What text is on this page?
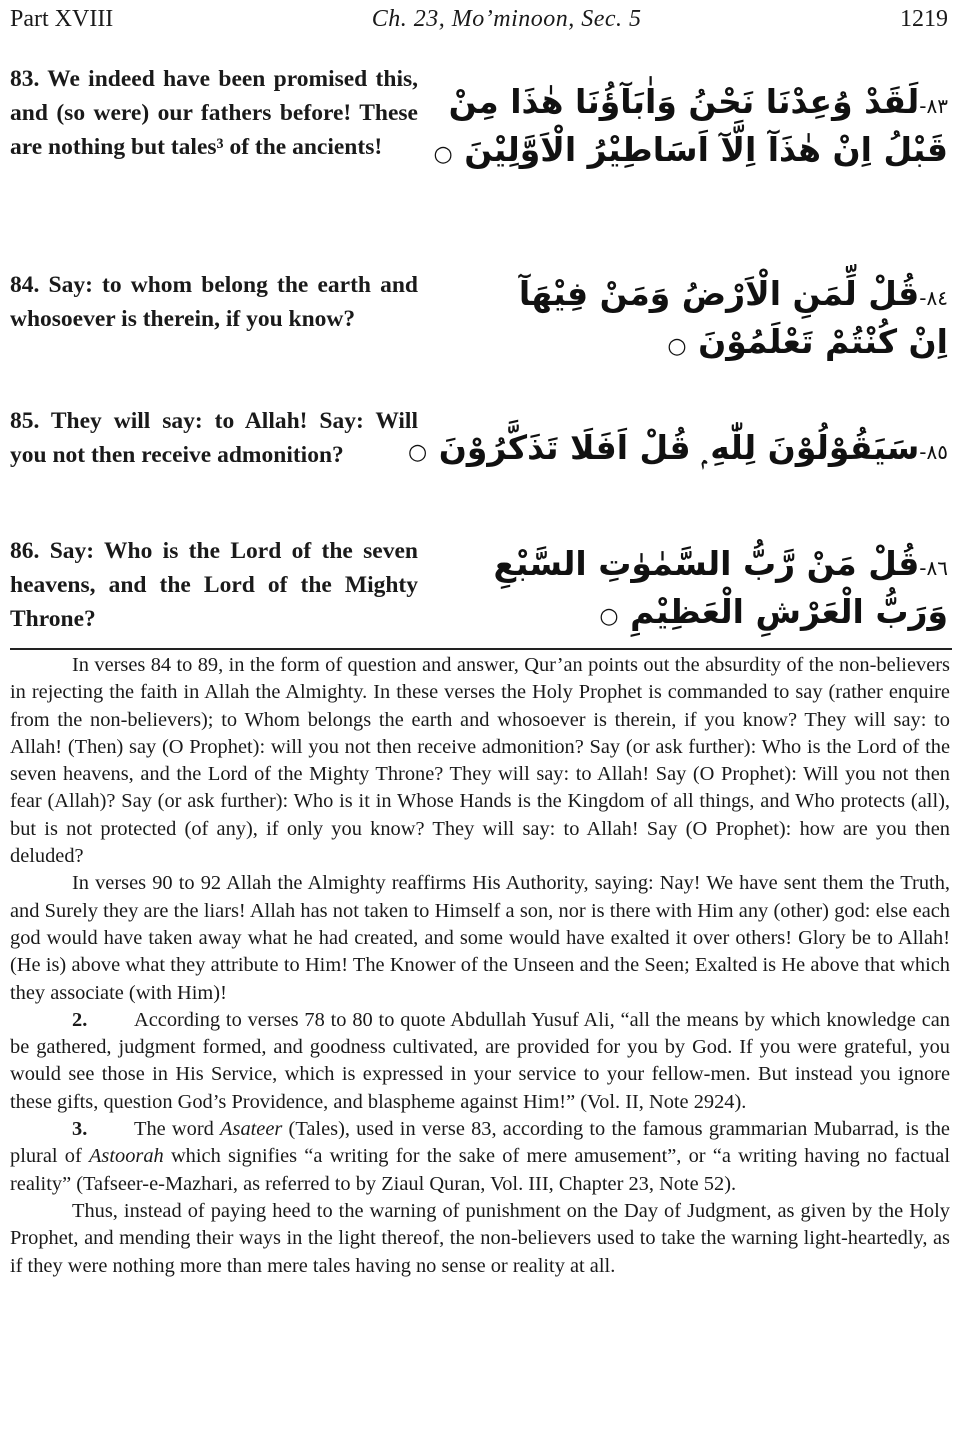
Part XVIII	Ch. 23, Mo’minoon, Sec. 5	1219
83. We indeed have been promised this, and (so were) our fathers before! These are nothing but tales³ of the ancients!
٨٣-لَقَدْ وُعِدْنَا نَحْنُ وَاٰبَآؤُنَا هٰذَا مِنْ
قَبْلُ اِنْ هٰذَآ اِلَّآ اَسَاطِيْرُ الْاَوَّلِيْنَ ○
84. Say: to whom belong the earth and whosoever is therein, if you know?
٨٤-قُلْ لِّمَنِ الْاَرْضُ وَمَنْ فِيْهَآ
اِنْ كُنْتُمْ تَعْلَمُوْنَ ○
85. They will say: to Allah! Say: Will you not then receive admonition?	٨٥-سَيَقُوْلُوْنَ لِلّٰهِ ۭ قُلْ اَفَلَا تَذَكَّرُوْنَ ○
86. Say: Who is the Lord of the seven heavens, and the Lord of the Mighty Throne?
٨٦-قُلْ مَنْ رَّبُّ السَّمٰوٰتِ السَّبْعِ
وَرَبُّ الْعَرْشِ الْعَظِيْمِ ○

In verses 84 to 89, in the form of question and answer, Qur’an points out the absurdity of the non-believers in rejecting the faith in Allah the Almighty. In these verses the Holy Prophet is commanded to say (rather enquire from the non-believers); to Whom belongs the earth and whosoever is therein, if you know? They will say: to Allah! (Then) say (O Prophet): will you not then receive admonition? Say (or ask further): Who is the Lord of the seven heavens, and the Lord of the Mighty Throne? They will say: to Allah! Say (O Prophet): Will you not then fear (Allah)? Say (or ask further): Who is it in Whose Hands is the Kingdom of all things, and Who protects (all), but is not protected (of any), if only you know? They will say: to Allah! Say (O Prophet): how are you then deluded?

In verses 90 to 92 Allah the Almighty reaffirms His Authority, saying: Nay! We have sent them the Truth, and Surely they are the liars! Allah has not taken to Himself a son, nor is there with Him any (other) god: else each god would have taken away what he had created, and some would have exalted it over others! Glory be to Allah! (He is) above what they attribute to Him! The Knower of the Unseen and the Seen; Exalted is He above that which they associate (with Him)!

2. According to verses 78 to 80 to quote Abdullah Yusuf Ali, “all the means by which knowledge can be gathered, judgment formed, and goodness cultivated, are provided for you by God. If you were grateful, you would see those in His Service, which is expressed in your service to your fellow-men. But instead you ignore these gifts, question God’s Providence, and blaspheme against Him!” (Vol. II, Note 2924).

3. The word Asateer (Tales), used in verse 83, according to the famous grammarian Mubarrad, is the plural of Astoorah which signifies “a writing for the sake of mere amusement”, or “a writing having no factual reality” (Tafseer-e-Mazhari, as referred to by Ziaul Quran, Vol. III, Chapter 23, Note 52).

Thus, instead of paying heed to the warning of punishment on the Day of Judgment, as given by the Holy Prophet, and mending their ways in the light thereof, the non-believers used to take the warning light-heartedly, as if they were nothing more than mere tales having no sense or reality at all.
